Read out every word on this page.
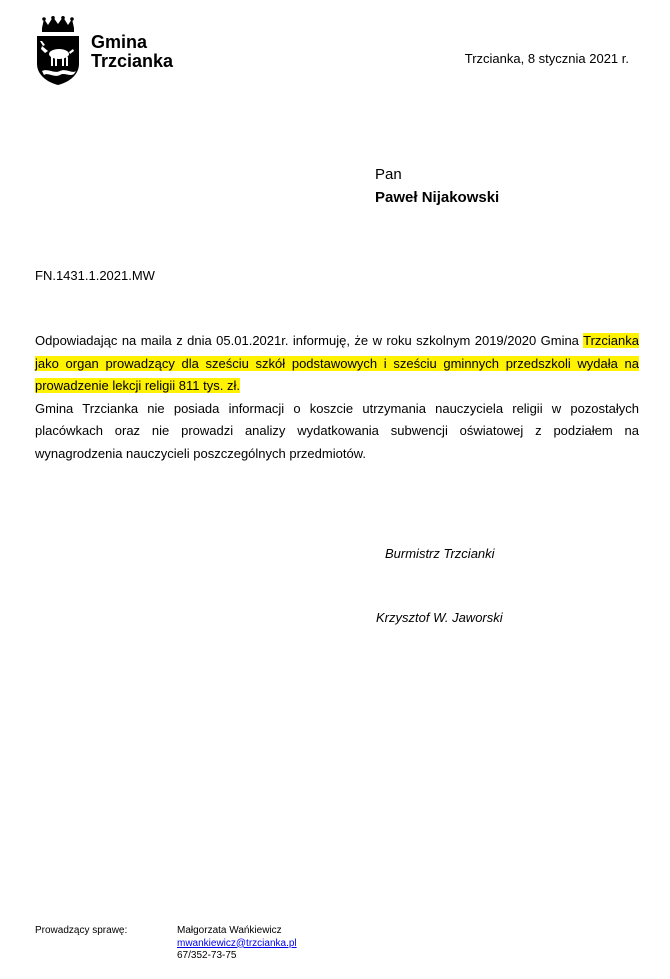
Gmina
Trzcianka	Trzcianka, 8 stycznia 2021 r.
Pan
Paweł Nijakowski
FN.1431.1.2021.MW

Odpowiadając na maila z dnia 05.01.2021r. informuję, że w roku szkolnym 2019/2020 Gmina Trzcianka jako organ prowadzący dla sześciu szkół podstawowych i sześciu gminnych przedszkoli wydała na prowadzenie lekcji religii 811 tys. zł.

Gmina Trzcianka nie posiada informacji o koszcie utrzymania nauczyciela religii w pozostałych placówkach oraz nie prowadzi analizy wydatkowania subwencji oświatowej z podziałem na wynagrodzenia nauczycieli poszczególnych przedmiotów.

Burmistrz Trzcianki
Krzysztof W. Jaworski
Prowadzący sprawę:	Małgorzata Wańkiewicz
mwankiewicz@trzcianka.pl
67/352-73-75
